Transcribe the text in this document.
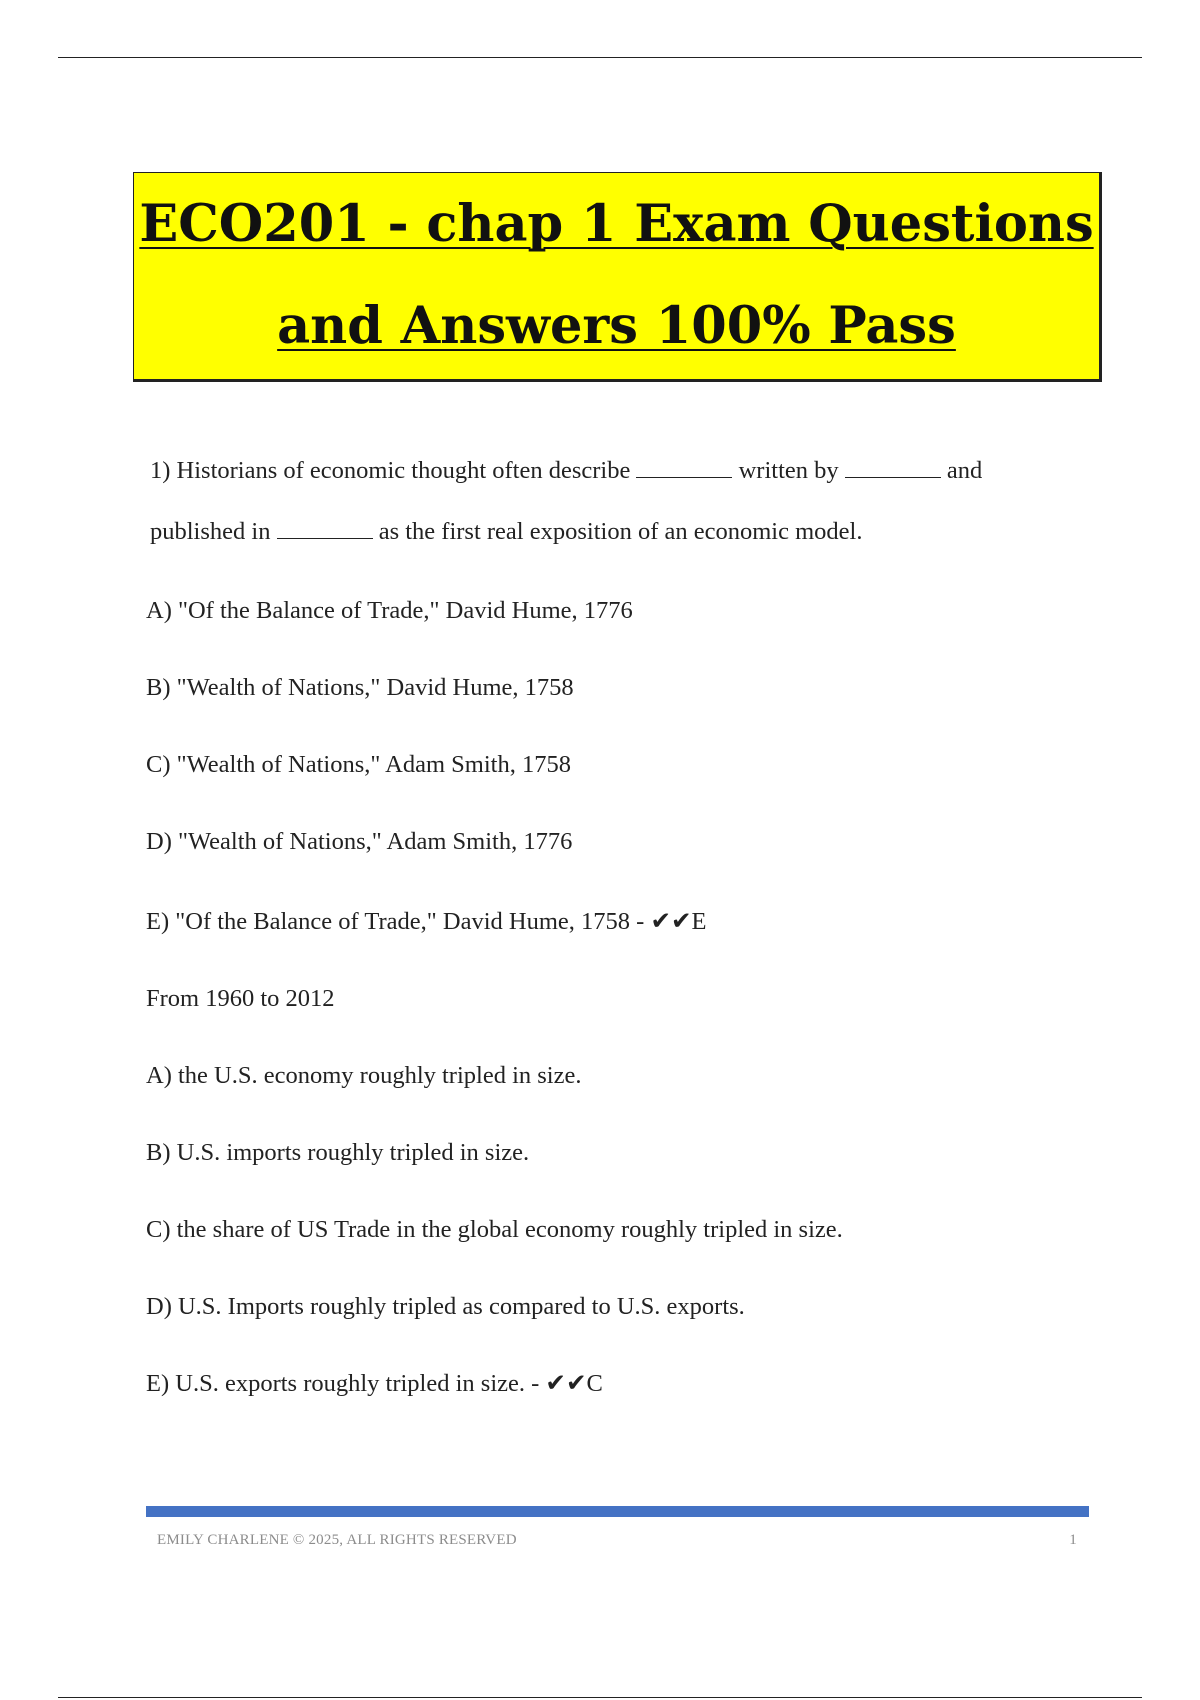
ECO201 - chap 1 Exam Questions
and Answers 100% Pass

1) Historians of economic thought often describe	written by	and published in	as the first real exposition of an economic model.

A) "Of the Balance of Trade," David Hume, 1776

B) "Wealth of Nations," David Hume, 1758

C) "Wealth of Nations," Adam Smith, 1758

D) "Wealth of Nations," Adam Smith, 1776

E) "Of the Balance of Trade," David Hume, 1758 - ✔✔E

From 1960 to 2012

A) the U.S. economy roughly tripled in size.

B) U.S. imports roughly tripled in size.

C) the share of US Trade in the global economy roughly tripled in size.

D) U.S. Imports roughly tripled as compared to U.S. exports.

E) U.S. exports roughly tripled in size. - ✔✔C

EMILY CHARLENE © 2025, ALL RIGHTS RESERVED	1
